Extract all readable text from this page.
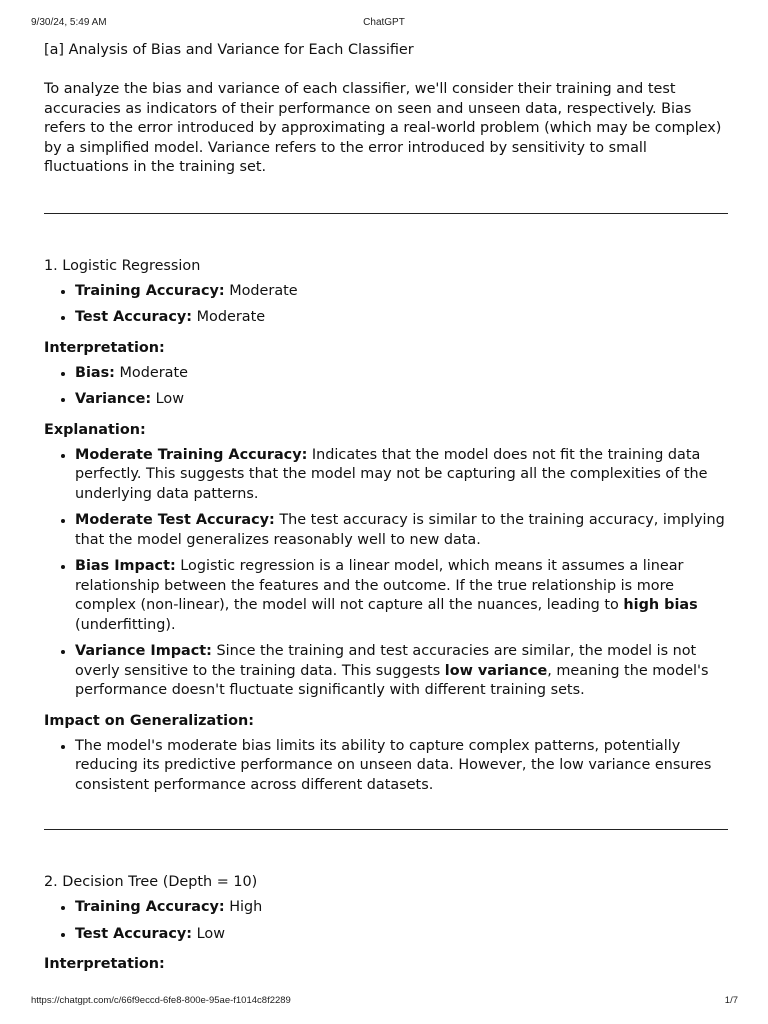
9/30/24, 5:49 AM	ChatGPT
[a] Analysis of Bias and Variance for Each Classifier

To analyze the bias and variance of each classifier, we'll consider their training and test accuracies as indicators of their performance on seen and unseen data, respectively. Bias refers to the error introduced by approximating a real-world problem (which may be complex) by a simplified model. Variance refers to the error introduced by sensitivity to small fluctuations in the training set.

1. Logistic Regression
• Training Accuracy: Moderate
• Test Accuracy: Moderate
Interpretation:
• Bias: Moderate
• Variance: Low
Explanation:
• Moderate Training Accuracy: Indicates that the model does not fit the training data perfectly. This suggests that the model may not be capturing all the complexities of the underlying data patterns.
• Moderate Test Accuracy: The test accuracy is similar to the training accuracy, implying that the model generalizes reasonably well to new data.
• Bias Impact: Logistic regression is a linear model, which means it assumes a linear relationship between the features and the outcome. If the true relationship is more complex (non-linear), the model will not capture all the nuances, leading to high bias (underfitting).
• Variance Impact: Since the training and test accuracies are similar, the model is not overly sensitive to the training data. This suggests low variance, meaning the model's performance doesn't fluctuate significantly with different training sets.
Impact on Generalization:
• The model's moderate bias limits its ability to capture complex patterns, potentially reducing its predictive performance on unseen data. However, the low variance ensures consistent performance across different datasets.
2. Decision Tree (Depth = 10)
• Training Accuracy: High
• Test Accuracy: Low
Interpretation:
https://chatgpt.com/c/66f9eccd-6fe8-800e-95ae-f1014c8f2289	1/7
